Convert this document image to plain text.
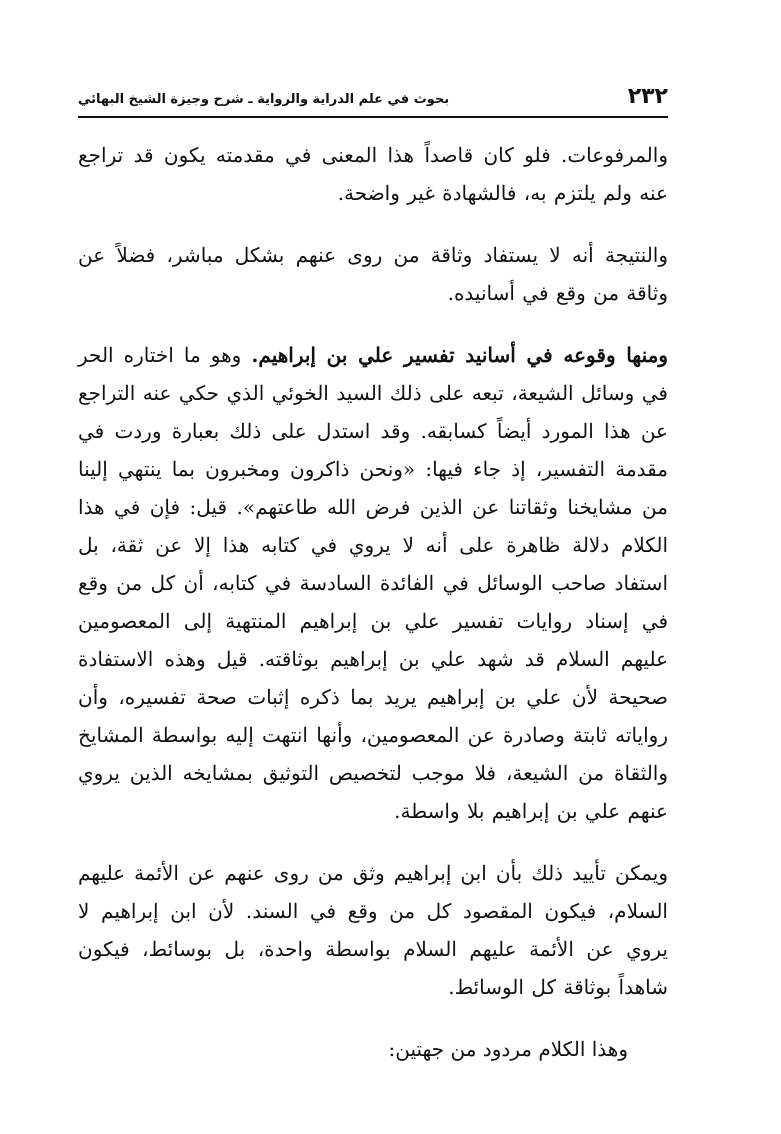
٢٣٢
بحوث في علم الدراية والرواية ـ شرح وجيزة الشيخ البهائي

والمرفوعات. فلو كان قاصداً هذا المعنى في مقدمته يكون قد تراجع عنه ولم يلتزم به، فالشهادة غير واضحة.

والنتيجة أنه لا يستفاد وثاقة من روى عنهم بشكل مباشر، فضلاً عن وثاقة من وقع في أسانيده.

ومنها وقوعه في أسانيد تفسير علي بن إبراهيم. وهو ما اختاره الحر في وسائل الشيعة، تبعه على ذلك السيد الخوئي الذي حكي عنه التراجع عن هذا المورد أيضاً كسابقه. وقد استدل على ذلك بعبارة وردت في مقدمة التفسير، إذ جاء فيها: «ونحن ذاكرون ومخبرون بما ينتهي إلينا من مشايخنا وثقاتنا عن الذين فرض الله طاعتهم». قيل: فإن في هذا الكلام دلالة ظاهرة على أنه لا يروي في كتابه هذا إلا عن ثقة، بل استفاد صاحب الوسائل في الفائدة السادسة في كتابه، أن كل من وقع في إسناد روايات تفسير علي بن إبراهيم المنتهية إلى المعصومين عليهم السلام قد شهد علي بن إبراهيم بوثاقته. قيل وهذه الاستفادة صحيحة لأن علي بن إبراهيم يريد بما ذكره إثبات صحة تفسيره، وأن رواياته ثابتة وصادرة عن المعصومين، وأنها انتهت إليه بواسطة المشايخ والثقاة من الشيعة، فلا موجب لتخصيص التوثيق بمشايخه الذين يروي عنهم علي بن إبراهيم بلا واسطة.

ويمكن تأييد ذلك بأن ابن إبراهيم وثق من روى عنهم عن الأئمة عليهم السلام، فيكون المقصود كل من وقع في السند. لأن ابن إبراهيم لا يروي عن الأئمة عليهم السلام بواسطة واحدة، بل بوسائط، فيكون شاهداً بوثاقة كل الوسائط.

وهذا الكلام مردود من جهتين:
